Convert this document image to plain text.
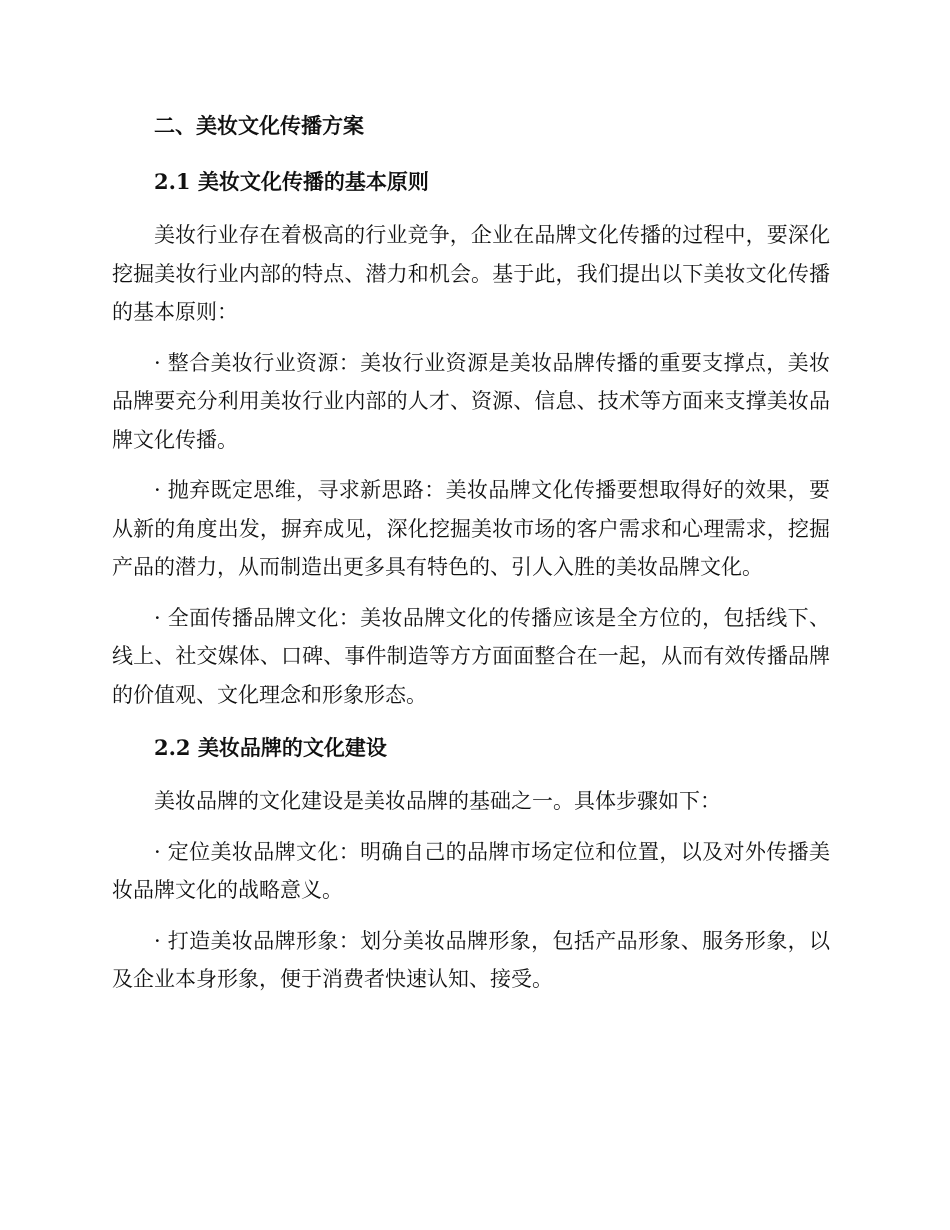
二、美妆文化传播方案
2.1 美妆文化传播的基本原则

美妆行业存在着极高的行业竞争，企业在品牌文化传播的过程中，要深化挖掘美妆行业内部的特点、潜力和机会。基于此，我们提出以下美妆文化传播的基本原则：

· 整合美妆行业资源：美妆行业资源是美妆品牌传播的重要支撑点，美妆品牌要充分利用美妆行业内部的人才、资源、信息、技术等方面来支撑美妆品牌文化传播。

· 抛弃既定思维，寻求新思路：美妆品牌文化传播要想取得好的效果，要从新的角度出发，摒弃成见，深化挖掘美妆市场的客户需求和心理需求，挖掘产品的潜力，从而制造出更多具有特色的、引人入胜的美妆品牌文化。

· 全面传播品牌文化：美妆品牌文化的传播应该是全方位的，包括线下、线上、社交媒体、口碑、事件制造等方方面面整合在一起，从而有效传播品牌的价值观、文化理念和形象形态。

2.2 美妆品牌的文化建设

美妆品牌的文化建设是美妆品牌的基础之一。具体步骤如下：

· 定位美妆品牌文化：明确自己的品牌市场定位和位置，以及对外传播美妆品牌文化的战略意义。

· 打造美妆品牌形象：划分美妆品牌形象，包括产品形象、服务形象，以及企业本身形象，便于消费者快速认知、接受。
